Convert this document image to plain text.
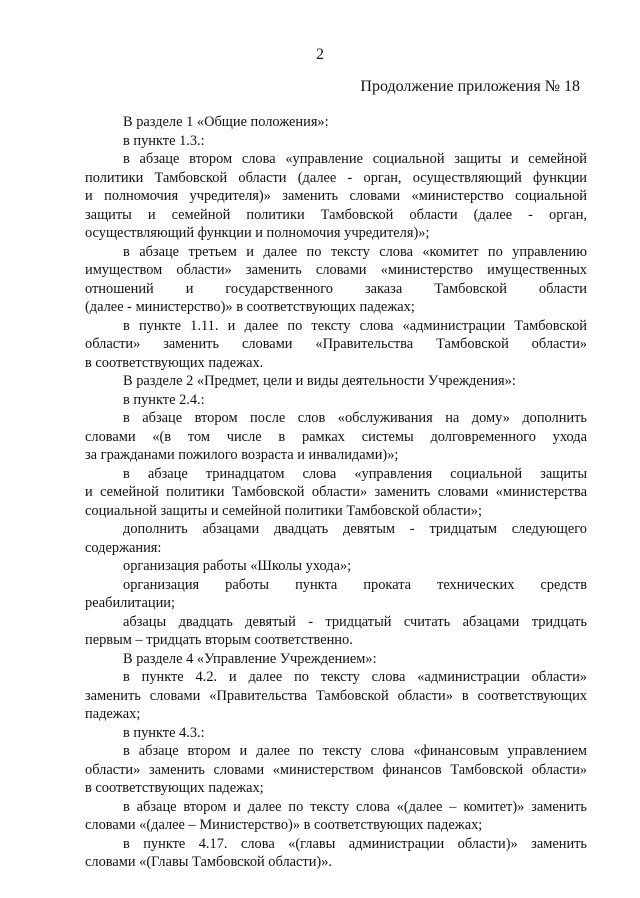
2
Продолжение приложения № 18
В разделе 1 «Общие положения»:
в пункте 1.3.:
в абзаце втором слова «управление социальной защиты и семейной
политики Тамбовской области (далее - орган, осуществляющий функции
и полномочия учредителя)» заменить словами «министерство социальной
защиты и семейной политики Тамбовской области (далее - орган,
осуществляющий функции и полномочия учредителя)»;
в абзаце третьем и далее по тексту слова «комитет по управлению
имуществом области» заменить словами «министерство имущественных
отношений и государственного заказа Тамбовской области
(далее - министерство)» в соответствующих падежах;
в пункте 1.11. и далее по тексту слова «администрации Тамбовской
области» заменить словами «Правительства Тамбовской области»
в соответствующих падежах.
В разделе 2 «Предмет, цели и виды деятельности Учреждения»:
в пункте 2.4.:
в абзаце втором после слов «обслуживания на дому» дополнить
словами «(в том числе в рамках системы долговременного ухода
за гражданами пожилого возраста и инвалидами)»;
в абзаце тринадцатом слова «управления социальной защиты
и семейной политики Тамбовской области» заменить словами «министерства
социальной защиты и семейной политики Тамбовской области»;
дополнить абзацами двадцать девятым - тридцатым следующего
содержания:
организация работы «Школы ухода»;
организация работы пункта проката технических средств
реабилитации;
абзацы двадцать девятый - тридцатый считать абзацами тридцать
первым – тридцать вторым соответственно.
В разделе 4 «Управление Учреждением»:
в пункте 4.2. и далее по тексту слова «администрации области»
заменить словами «Правительства Тамбовской области» в соответствующих
падежах;
в пункте 4.3.:
в абзаце втором и далее по тексту слова «финансовым управлением
области» заменить словами «министерством финансов Тамбовской области»
в соответствующих падежах;
в абзаце втором и далее по тексту слова «(далее – комитет)» заменить
словами «(далее – Министерство)» в соответствующих падежах;
в пункте 4.17. слова «(главы администрации области)» заменить
словами «(Главы Тамбовской области)».
